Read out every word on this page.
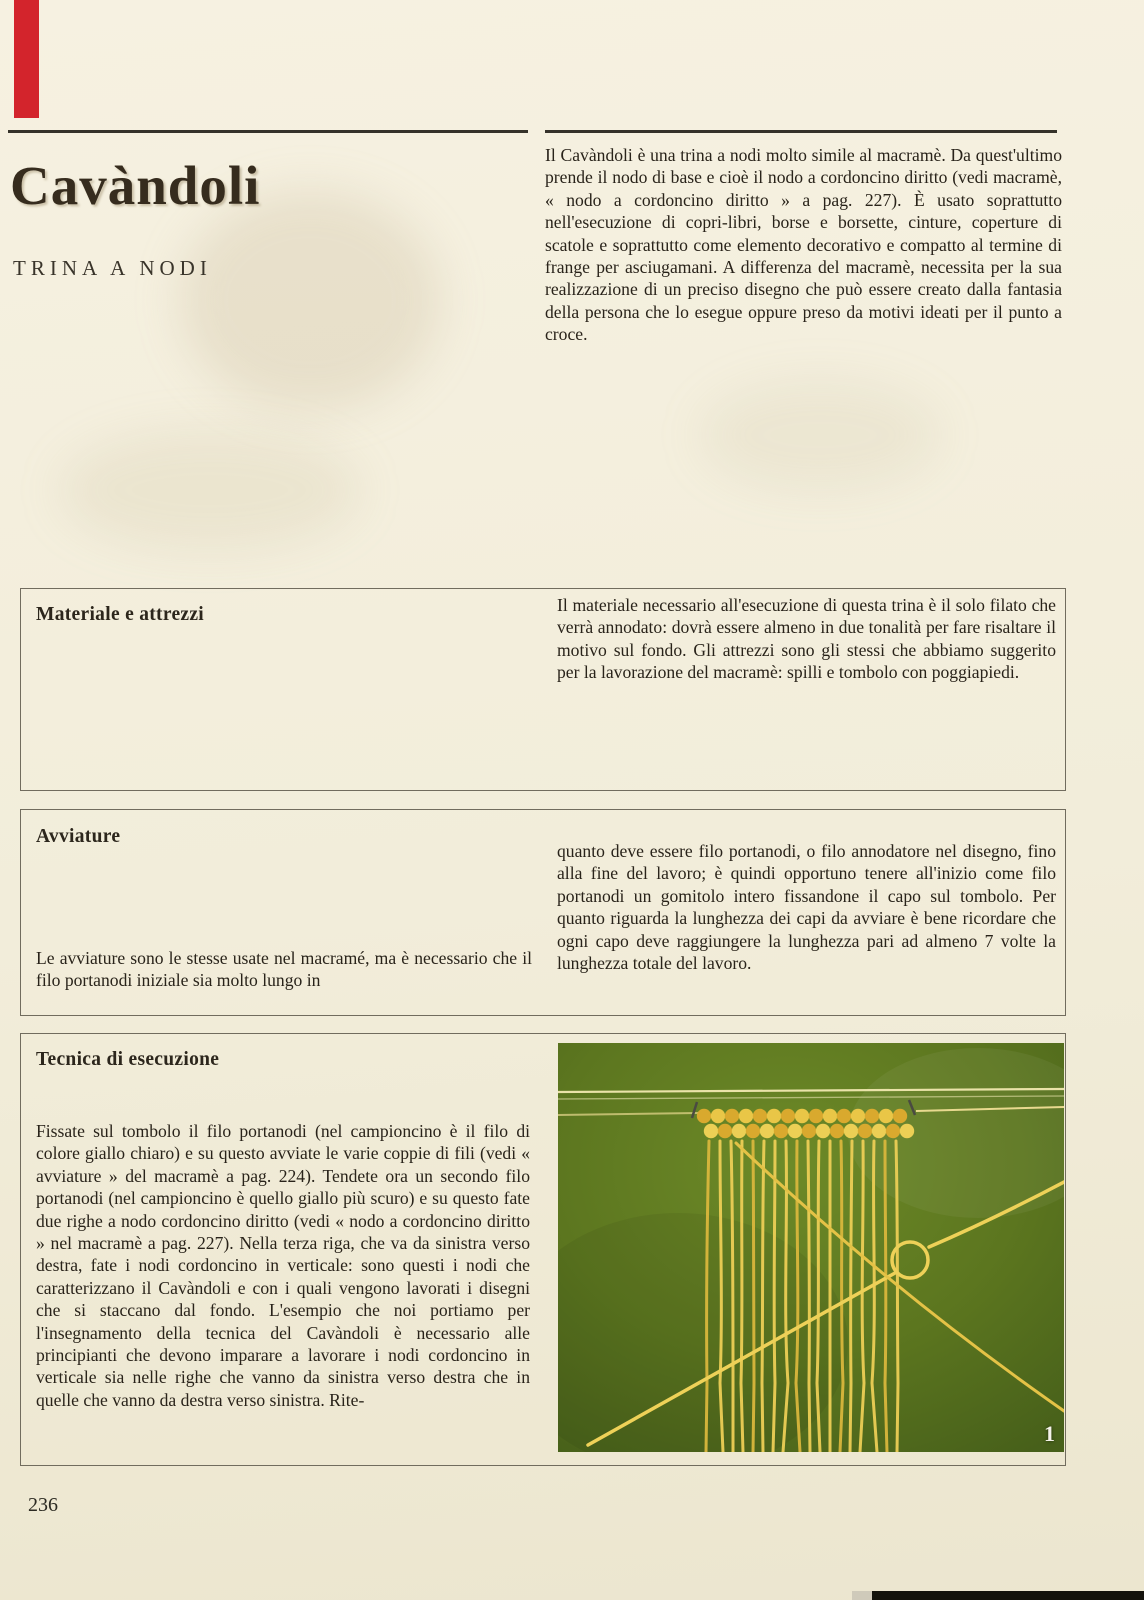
Cavàndoli
TRINA A NODI

Il Cavàndoli è una trina a nodi molto simile al macramè. Da quest'ultimo prende il nodo di base e cioè il nodo a cordoncino diritto (vedi macramè, « nodo a cordoncino diritto » a pag. 227). È usato soprattutto nell'esecuzione di copri-libri, borse e borsette, cinture, coperture di scatole e soprattutto come elemento decorativo e compatto al termine di frange per asciugamani. A differenza del macramè, necessita per la sua realizzazione di un preciso disegno che può essere creato dalla fantasia della persona che lo esegue oppure preso da motivi ideati per il punto a croce.

Materiale e attrezzi	Il materiale necessario all'esecuzione di questa trina è il solo filato che verrà annodato: dovrà essere almeno in due tonalità per fare risaltare il motivo sul fondo. Gli attrezzi sono gli stessi che abbiamo suggerito per la lavorazione del macramè: spilli e tombolo con poggiapiedi.

Avviature

quanto deve essere filo portanodi, o filo annodatore nel disegno, fino alla fine del lavoro; è quindi opportuno tenere all'inizio come filo portanodi un gomitolo intero fissandone il capo sul tombolo. Per quanto riguarda la lunghezza dei capi da avviare è bene ricordare che ogni capo deve raggiungere la lunghezza pari ad almeno 7 volte la lunghezza totale del lavoro.

Le avviature sono le stesse usate nel macramé, ma è necessario che il filo portanodi iniziale sia molto lungo in

Tecnica di esecuzione

Fissate sul tombolo il filo portanodi (nel campioncino è il filo di colore giallo chiaro) e su questo avviate le varie coppie di fili (vedi « avviature » del macramè a pag. 224). Tendete ora un secondo filo portanodi (nel campioncino è quello giallo più scuro) e su questo fate due righe a nodo cordoncino diritto (vedi « nodo a cordoncino diritto » nel macramè a pag. 227). Nella terza riga, che va da sinistra verso destra, fate i nodi cordoncino in verticale: sono questi i nodi che caratterizzano il Cavàndoli e con i quali vengono lavorati i disegni che si staccano dal fondo. L'esempio che noi portiamo per l'insegnamento della tecnica del Cavàndoli è necessario alle principianti che devono imparare a lavorare i nodi cordoncino in verticale sia nelle righe che vanno da sinistra verso destra che in quelle che vanno da destra verso sinistra. Rite-

1
236
